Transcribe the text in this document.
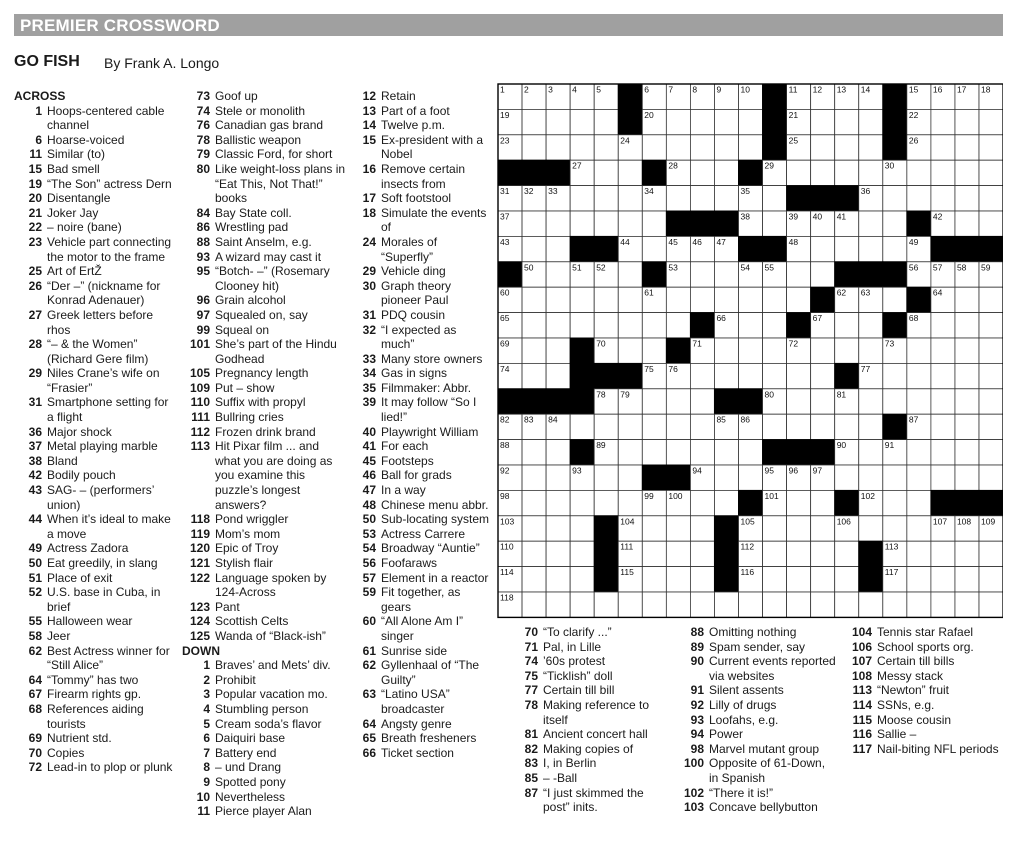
PREMIER CROSSWORD
GO FISH By Frank A. Longo
ACROSS
1 Hoops-centered cable channel
6 Hoarse-voiced
11 Similar (to)
15 Bad smell
19 “The Son” actress Dern
20 Disentangle
21 Joker Jay
22 – noire (bane)
23 Vehicle part connecting the motor to the frame
25 Art of ErtŽ
26 “Der –” (nickname for Konrad Adenauer)
27 Greek letters before rhos
28 “– & the Women” (Richard Gere film)
29 Niles Crane’s wife on “Frasier”
31 Smartphone setting for a flight
36 Major shock
37 Metal playing marble
38 Bland
42 Bodily pouch
43 SAG- – (performers’ union)
44 When it’s ideal to make a move
49 Actress Zadora
50 Eat greedily, in slang
51 Place of exit
52 U.S. base in Cuba, in brief
55 Halloween wear
58 Jeer
62 Best Actress winner for “Still Alice”
64 “Tommy” has two
67 Firearm rights gp.
68 References aiding tourists
69 Nutrient std.
70 Copies
72 Lead-in to plop or plunk
73 Goof up
74 Stele or monolith
76 Canadian gas brand
78 Ballistic weapon
79 Classic Ford, for short
80 Like weight-loss plans in “Eat This, Not That!” books
84 Bay State coll.
86 Wrestling pad
88 Saint Anselm, e.g.
93 A wizard may cast it
95 “Botch- –” (Rosemary Clooney hit)
96 Grain alcohol
97 Squealed on, say
99 Squeal on
101 She’s part of the Hindu Godhead
105 Pregnancy length
109 Put – show
110 Suffix with propyl
111 Bullring cries
112 Frozen drink brand
113 Hit Pixar film ... and what you are doing as you examine this puzzle’s longest answers?
118 Pond wriggler
119 Mom’s mom
120 Epic of Troy
121 Stylish flair
122 Language spoken by 124-Across
123 Pant
124 Scottish Celts
125 Wanda of “Black-ish”
DOWN
1 Braves’ and Mets’ div.
2 Prohibit
3 Popular vacation mo.
4 Stumbling person
5 Cream soda’s flavor
6 Daiquiri base
7 Battery end
8 – und Drang
9 Spotted pony
10 Nevertheless
11 Pierce player Alan
12 Retain
13 Part of a foot
14 Twelve p.m.
15 Ex-president with a Nobel
16 Remove certain insects from
17 Soft footstool
18 Simulate the events of
24 Morales of “Superfly”
29 Vehicle ding
30 Graph theory pioneer Paul
31 PDQ cousin
32 “I expected as much”
33 Many store owners
34 Gas in signs
35 Filmmaker: Abbr.
39 It may follow “So I lied!”
40 Playwright William
41 For each
45 Footsteps
46 Ball for grads
47 In a way
48 Chinese menu abbr.
50 Sub-locating system
53 Actress Carrere
54 Broadway “Auntie”
56 Foofaraws
57 Element in a reactor
59 Fit together, as gears
60 “All Alone Am I” singer
61 Sunrise side
62 Gyllenhaal of “The Guilty”
63 “Latino USA” broadcaster
64 Angsty genre
65 Breath fresheners
66 Ticket section
70 “To clarify ...”
71 Pal, in Lille
74 ’60s protest
75 “Ticklish” doll
77 Certain till bill
78 Making reference to itself
81 Ancient concert hall
82 Making copies of
83 I, in Berlin
85 – -Ball
87 “I just skimmed the post” inits.
88 Omitting nothing
89 Spam sender, say
90 Current events reported via websites
91 Silent assents
92 Lilly of drugs
93 Loofahs, e.g.
94 Power
98 Marvel mutant group
100 Opposite of 61-Down, in Spanish
102 “There it is!”
103 Concave bellybutton
104 Tennis star Rafael
106 School sports org.
107 Certain till bills
108 Messy stack
113 “Newton” fruit
114 SSNs, e.g.
115 Moose cousin
116 Sallie –
117 Nail-biting NFL periods
1 2 3 4 5	6 7 8 9 10	11 12 13 14	15 16 17 18
19	20	21	22
23	24	25	26
27	28	29	30
31 32 33	34	35	36
37	38	39 40 41	42
43	44	45 46 47	48	49
50	51 52	53	54 55	56 57 58 59
60	61	62 63	64
65	66	67	68
69	70	71	72	73
74	75 76	77
78 79	80	81
82 83 84	85 86	87
88	89	90	91
92	93	94	95 96 97
98	99 100	101	102
103	104	105	106	107 108 109
110	111	112	113
114	115	116	117
118
